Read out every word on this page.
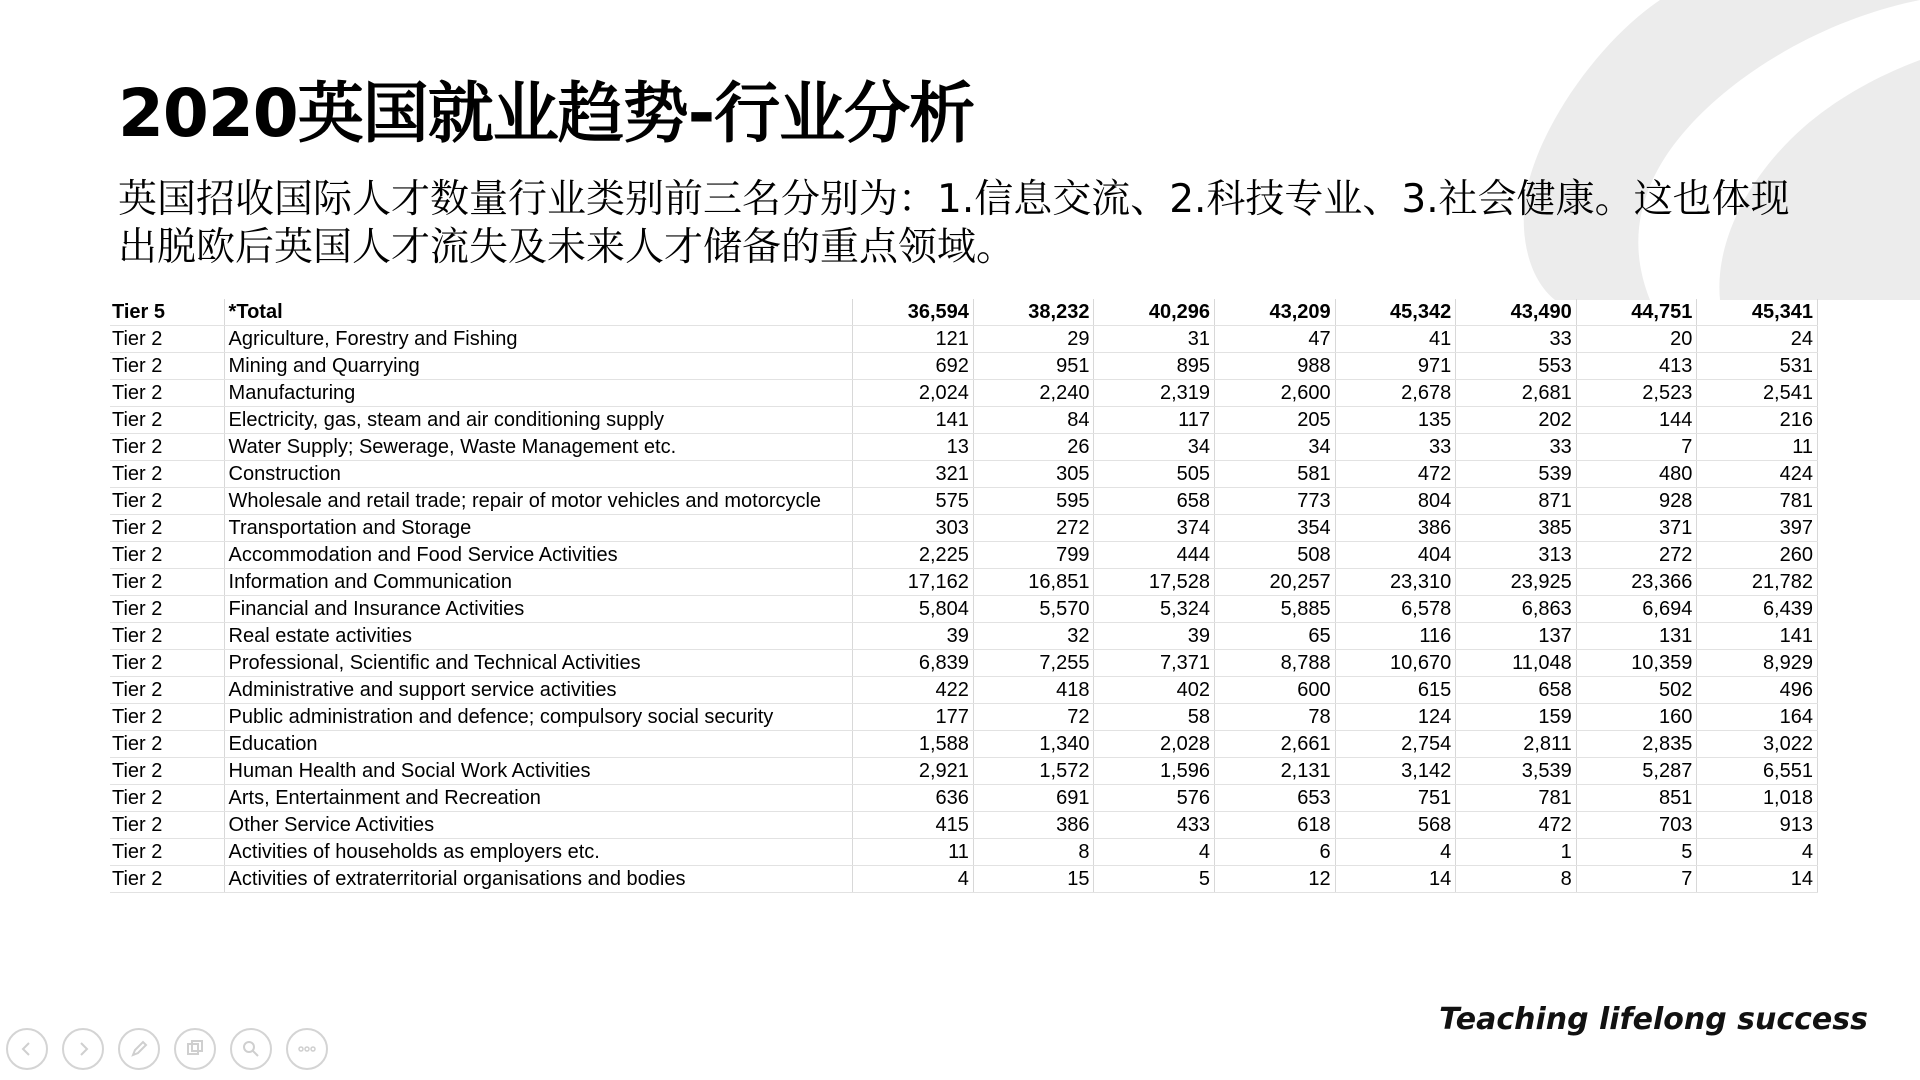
2020英国就业趋势-行业分析

英国招收国际人才数量行业类别前三名分别为：1.信息交流、2.科技专业、3.社会健康。这也体现出脱欧后英国人才流失及未来人才储备的重点领域。

Tier 5	*Total	36,594	38,232	40,296	43,209	45,342	43,490	44,751	45,341
Tier 2	Agriculture, Forestry and Fishing	121	29	31	47	41	33	20	24
Tier 2	Mining and Quarrying	692	951	895	988	971	553	413	531
Tier 2	Manufacturing	2,024	2,240	2,319	2,600	2,678	2,681	2,523	2,541
Tier 2	Electricity, gas, steam and air conditioning supply	141	84	117	205	135	202	144	216
Tier 2	Water Supply; Sewerage, Waste Management etc.	13	26	34	34	33	33	7	11
Tier 2	Construction	321	305	505	581	472	539	480	424
Tier 2	Wholesale and retail trade; repair of motor vehicles and motorcycle	575	595	658	773	804	871	928	781
Tier 2	Transportation and Storage	303	272	374	354	386	385	371	397
Tier 2	Accommodation and Food Service Activities	2,225	799	444	508	404	313	272	260
Tier 2	Information and Communication	17,162	16,851	17,528	20,257	23,310	23,925	23,366	21,782
Tier 2	Financial and Insurance Activities	5,804	5,570	5,324	5,885	6,578	6,863	6,694	6,439
Tier 2	Real estate activities	39	32	39	65	116	137	131	141
Tier 2	Professional, Scientific and Technical Activities	6,839	7,255	7,371	8,788	10,670	11,048	10,359	8,929
Tier 2	Administrative and support service activities	422	418	402	600	615	658	502	496
Tier 2	Public administration and defence; compulsory social security	177	72	58	78	124	159	160	164
Tier 2	Education	1,588	1,340	2,028	2,661	2,754	2,811	2,835	3,022
Tier 2	Human Health and Social Work Activities	2,921	1,572	1,596	2,131	3,142	3,539	5,287	6,551
Tier 2	Arts, Entertainment and Recreation	636	691	576	653	751	781	851	1,018
Tier 2	Other Service Activities	415	386	433	618	568	472	703	913
Tier 2	Activities of households as employers etc.	11	8	4	6	4	1	5	4
Tier 2	Activities of extraterritorial organisations and bodies	4	15	5	12	14	8	7	14

Teaching lifelong success
